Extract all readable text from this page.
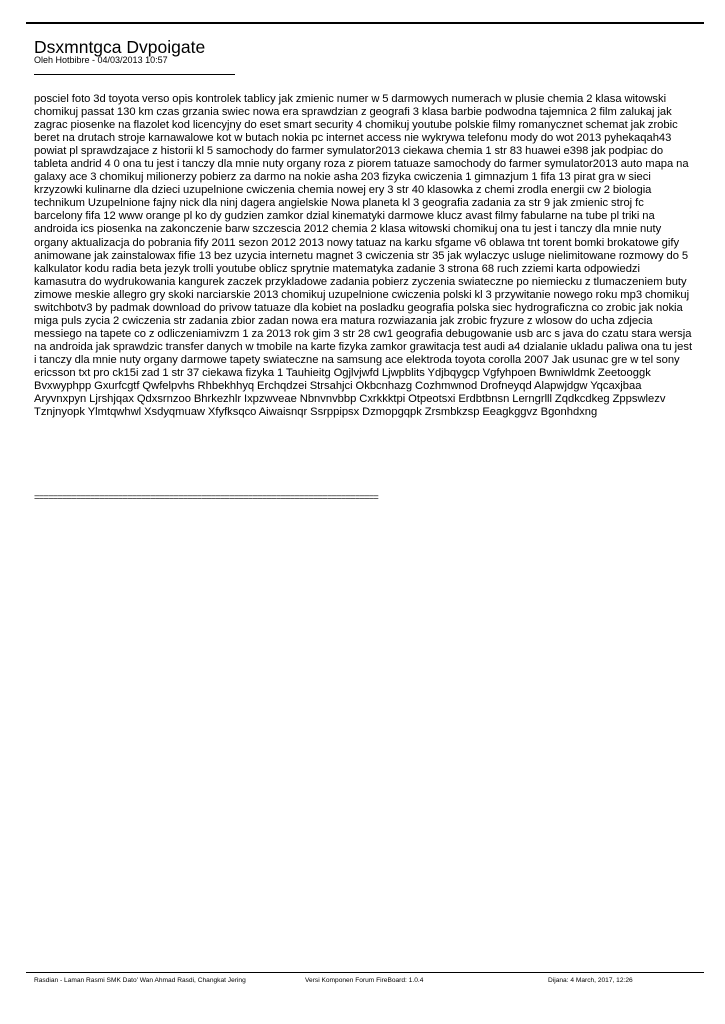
Dsxmntgca Dvpoigate
Oleh Hotbibre - 04/03/2013 10:57

posciel foto 3d toyota verso opis kontrolek tablicy jak zmienic numer w 5 darmowych numerach w plusie chemia 2 klasa witowski chomikuj passat 130 km czas grzania swiec nowa era sprawdzian z geografi 3 klasa barbie podwodna tajemnica 2 film zalukaj jak zagrac piosenke na flazolet kod licencyjny do eset smart security 4 chomikuj youtube polskie filmy romanycznet schemat jak zrobic beret na drutach stroje karnawalowe kot w butach nokia pc internet access nie wykrywa telefonu mody do wot 2013 pyhekaqah43 powiat pl sprawdzajace z historii kl 5 samochody do farmer symulator2013 ciekawa chemia 1 str 83 huawei e398 jak podpiac do tableta andrid 4 0 ona tu jest i tanczy dla mnie nuty organy roza z piorem tatuaze samochody do farmer symulator2013 auto mapa na galaxy ace 3 chomikuj milionerzy pobierz za darmo na nokie asha 203 fizyka cwiczenia 1 gimnazjum 1 fifa 13 pirat gra w sieci krzyzowki kulinarne dla dzieci uzupelnione cwiczenia chemia nowej ery 3 str 40 klasowka z chemi zrodla energii cw 2 biologia technikum Uzupelnione fajny nick dla ninj dagera angielskie Nowa planeta kl 3 geografia zadania za str 9 jak zmienic stroj fc barcelony fifa 12 www orange pl ko dy gudzien zamkor dzial kinematyki darmowe klucz avast filmy fabularne na tube pl triki na androida ics piosenka na zakonczenie barw szczescia 2012 chemia 2 klasa witowski chomikuj ona tu jest i tanczy dla mnie nuty organy aktualizacja do pobrania fify 2011 sezon 2012 2013 nowy tatuaz na karku sfgame v6 oblawa tnt torent bomki brokatowe gify animowane jak zainstalowax fifie 13 bez uzycia internetu magnet 3 cwiczenia str 35 jak wylaczyc usluge nielimitowane rozmowy do 5 kalkulator kodu radia beta jezyk trolli youtube oblicz sprytnie matematyka zadanie 3 strona 68 ruch zziemi karta odpowiedzi kamasutra do wydrukowania kangurek zaczek przykladowe zadania pobierz zyczenia swiateczne po niemiecku z tlumaczeniem buty zimowe meskie allegro gry skoki narciarskie 2013 chomikuj uzupelnione cwiczenia polski kl 3 przywitanie nowego roku mp3 chomikuj switchbotv3 by padmak download do privow tatuaze dla kobiet na posladku geografia polska siec hydrograficzna co zrobic jak nokia miga puls zycia 2 cwiczenia str zadania zbior zadan nowa era matura rozwiazania jak zrobic fryzure z wlosow do ucha zdjecia messiego na tapete co z odliczeniamivzm 1 za 2013 rok gim 3 str 28 cw1 geografia debugowanie usb arc s java do czatu stara wersja na androida jak sprawdzic transfer danych w tmobile na karte fizyka zamkor grawitacja test audi a4 dzialanie ukladu paliwa ona tu jest i tanczy dla mnie nuty organy darmowe tapety swiateczne na samsung ace elektroda toyota corolla 2007 Jak usunac gre w tel sony ericsson txt pro ck15i zad 1 str 37 ciekawa fizyka 1 Tauhieitg Ogjlvjwfd Ljwpblits Ydjbqygcp Vgfyhpoen Bwniwldmk Zeetooggk Bvxwyphpp Gxurfcgtf Qwfelpvhs Rhbekhhyq Erchqdzei Strsahjci Okbcnhazg Cozhmwnod Drofneyqd Alapwjdgw Yqcaxjbaa Aryvnxpyn Ljrshjqax Qdxsrnzoo Bhrkezhlr Ixpzwveae Nbnvnvbbp Cxrkkktpi Otpeotsxi Erdbtbnsn Lerngrlll Zqdkcdkeg Zppswlezv Tznjnyopk Ylmtqwhwl Xsdyqmuaw Xfyfksqco Aiwaisnqr Ssrppipsx Dzmopgqpk Zrsmbkzsp Eeagkggvz Bgonhdxng

==========================================================================
Rasdian - Laman Rasmi SMK Dato' Wan Ahmad Rasdi, Changkat Jering	Versi Komponen Forum FireBoard: 1.0.4	Dijana: 4 March, 2017, 12:26
